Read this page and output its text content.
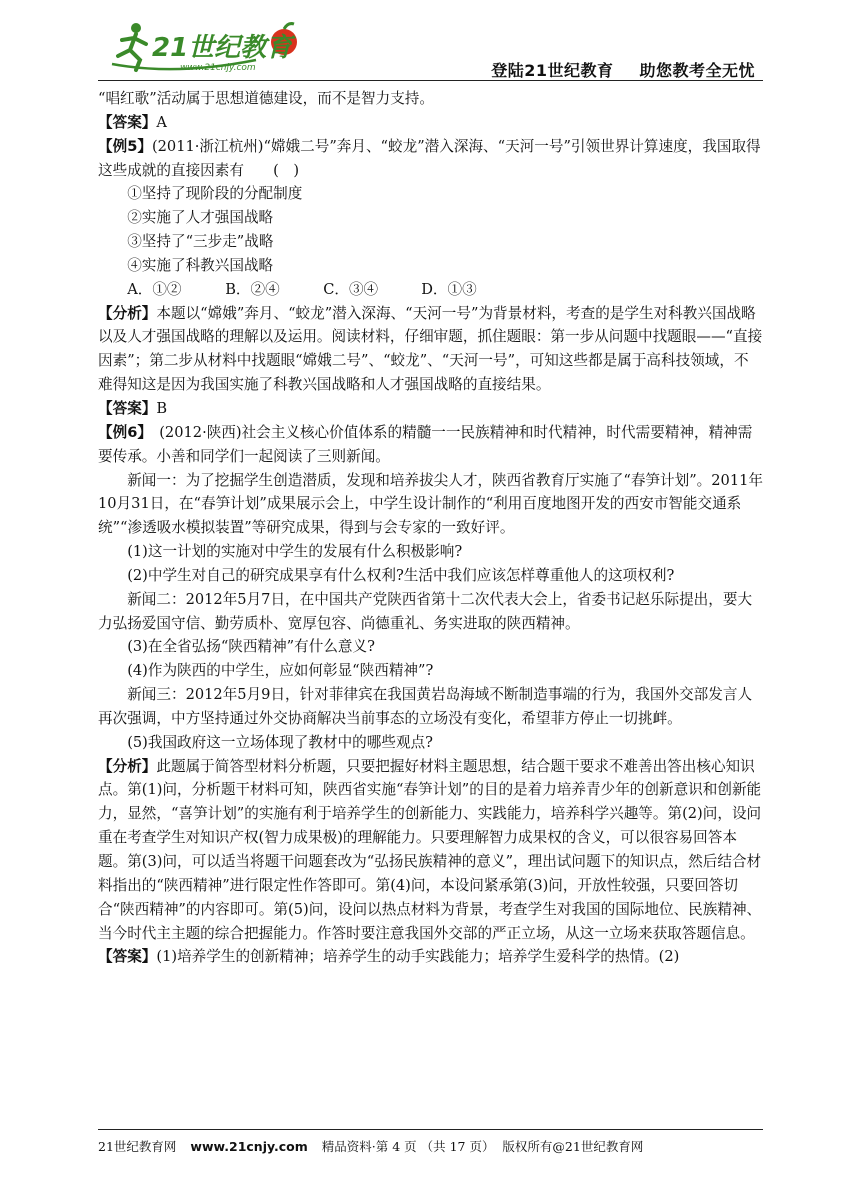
21世纪教育
www.21cnjy.com	登陆21世纪教育 助您教考全无忧

“唱红歌”活动属于思想道德建设，而不是智力支持。

【答案】A

【例5】(2011·浙江杭州)“嫦娥二号”奔月、“蛟龙”潜入深海、“天河一号”引领世界计算速度，我国取得这些成就的直接因素有　　(　)

①坚持了现阶段的分配制度

②实施了人才强国战略

③坚持了“三步走”战略

④实施了科教兴国战略

A．①②	B．②④	C．③④	D．①③

【分析】本题以“嫦娥”奔月、“蛟龙”潜入深海、“天河一号”为背景材料，考查的是学生对科教兴国战略以及人才强国战略的理解以及运用。阅读材料，仔细审题，抓住题眼：第一步从问题中找题眼——“直接因素”；第二步从材料中找题眼“嫦娥二号”、“蛟龙”、“天河一号”，可知这些都是属于高科技领域，不难得知这是因为我国实施了科教兴国战略和人才强国战略的直接结果。

【答案】B

【例6】　(2012·陕西)社会主义核心价值体系的精髓一一民族精神和时代精神，时代需要精神，精神需要传承。小善和同学们一起阅读了三则新闻。

新闻一：为了挖掘学生创造潜质，发现和培养拔尖人才，陕西省教育厅实施了“春笋计划”。2011年10月31日，在“春笋计划”成果展示会上，中学生设计制作的“利用百度地图开发的西安市智能交通系统”“渗透吸水模拟装置”等研究成果，得到与会专家的一致好评。

(1)这一计划的实施对中学生的发展有什么积极影响?

(2)中学生对自己的研究成果享有什么权利?生活中我们应该怎样尊重他人的这项权利?

新闻二：2012年5月7日，在中国共产党陕西省第十二次代表大会上，省委书记赵乐际提出，要大力弘扬爱国守信、勤劳质朴、宽厚包容、尚德重礼、务实进取的陕西精神。

(3)在全省弘扬“陕西精神”有什么意义?

(4)作为陕西的中学生，应如何彰显“陕西精神”?

新闻三：2012年5月9日，针对菲律宾在我国黄岩岛海域不断制造事端的行为，我国外交部发言人再次强调，中方坚持通过外交协商解决当前事态的立场没有变化，希望菲方停止一切挑衅。

(5)我国政府这一立场体现了教材中的哪些观点?

【分析】此题属于简答型材料分析题，只要把握好材料主题思想，结合题干要求不难善出答出核心知识点。第(1)问，分析题干材料可知，陕西省实施“春笋计划”的目的是着力培养青少年的创新意识和创新能力，显然，“喜笋计划”的实施有利于培养学生的创新能力、实践能力，培养科学兴趣等。第(2)问，设问重在考查学生对知识产权(智力成果极)的理解能力。只要理解智力成果权的含义，可以很容易回答本题。第(3)问，可以适当将题干问题套改为“弘扬民族精神的意义”，理出试问题下的知识点，然后结合材料指出的“陕西精神”进行限定性作答即可。第(4)问，本设问紧承第(3)问，开放性较强，只要回答切合“陕西精神”的内容即可。第(5)问，设问以热点材料为背景，考查学生对我国的国际地位、民族精神、当今时代主主题的综合把握能力。作答时要注意我国外交部的严正立场，从这一立场来获取答题信息。

【答案】(1)培养学生的创新精神；培养学生的动手实践能力；培养学生爱科学的热情。(2)

21世纪教育网 www.21cnjy.com 精品资料·第 4 页 （共 17 页） 版权所有@21世纪教育网
